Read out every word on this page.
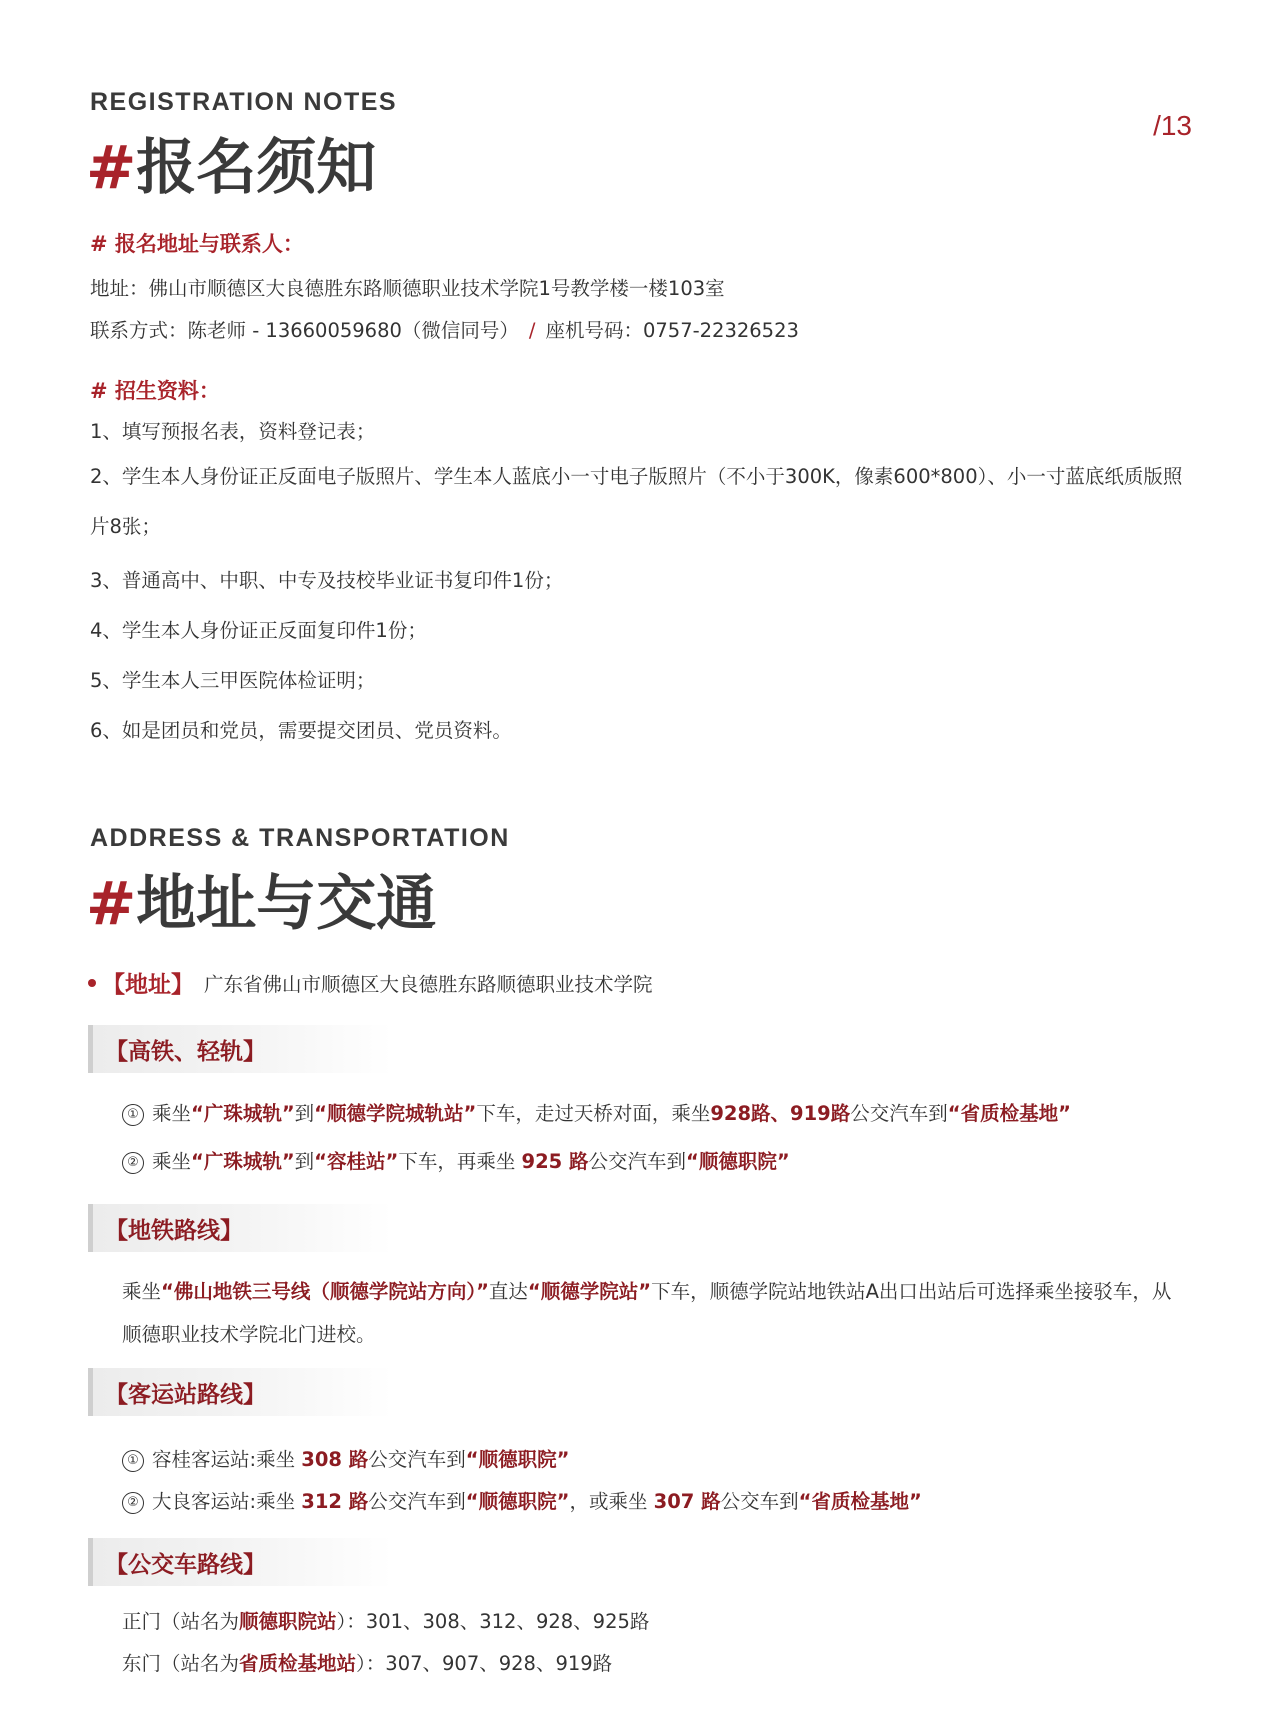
/13
REGISTRATION NOTES
#报名须知
# 报名地址与联系人：
地址：佛山市顺德区大良德胜东路顺德职业技术学院1号教学楼一楼103室
联系方式：陈老师 - 13660059680（微信同号） / 座机号码：0757-22326523
# 招生资料：
1、填写预报名表，资料登记表；
2、学生本人身份证正反面电子版照片、学生本人蓝底小一寸电子版照片（不小于300K，像素600*800）、小一寸蓝底纸质版照片8张；
3、普通高中、中职、中专及技校毕业证书复印件1份；
4、学生本人身份证正反面复印件1份；
5、学生本人三甲医院体检证明；
6、如是团员和党员，需要提交团员、党员资料。
ADDRESS & TRANSPORTATION
#地址与交通
【地址】 广东省佛山市顺德区大良德胜东路顺德职业技术学院
【高铁、轻轨】
① 乘坐“广珠城轨”到“顺德学院城轨站”下车，走过天桥对面，乘坐928路、919路公交汽车到“省质检基地”
② 乘坐“广珠城轨”到“容桂站”下车，再乘坐 925 路公交汽车到“顺德职院”
【地铁路线】
乘坐“佛山地铁三号线（顺德学院站方向）”直达“顺德学院站”下车，顺德学院站地铁站A出口出站后可选择乘坐接驳车，从顺德职业技术学院北门进校。
【客运站路线】
① 容桂客运站:乘坐 308 路公交汽车到“顺德职院”
② 大良客运站:乘坐 312 路公交汽车到“顺德职院”，或乘坐 307 路公交车到“省质检基地”
【公交车路线】
正门（站名为顺德职院站）：301、308、312、928、925路
东门（站名为省质检基地站）：307、907、928、919路
